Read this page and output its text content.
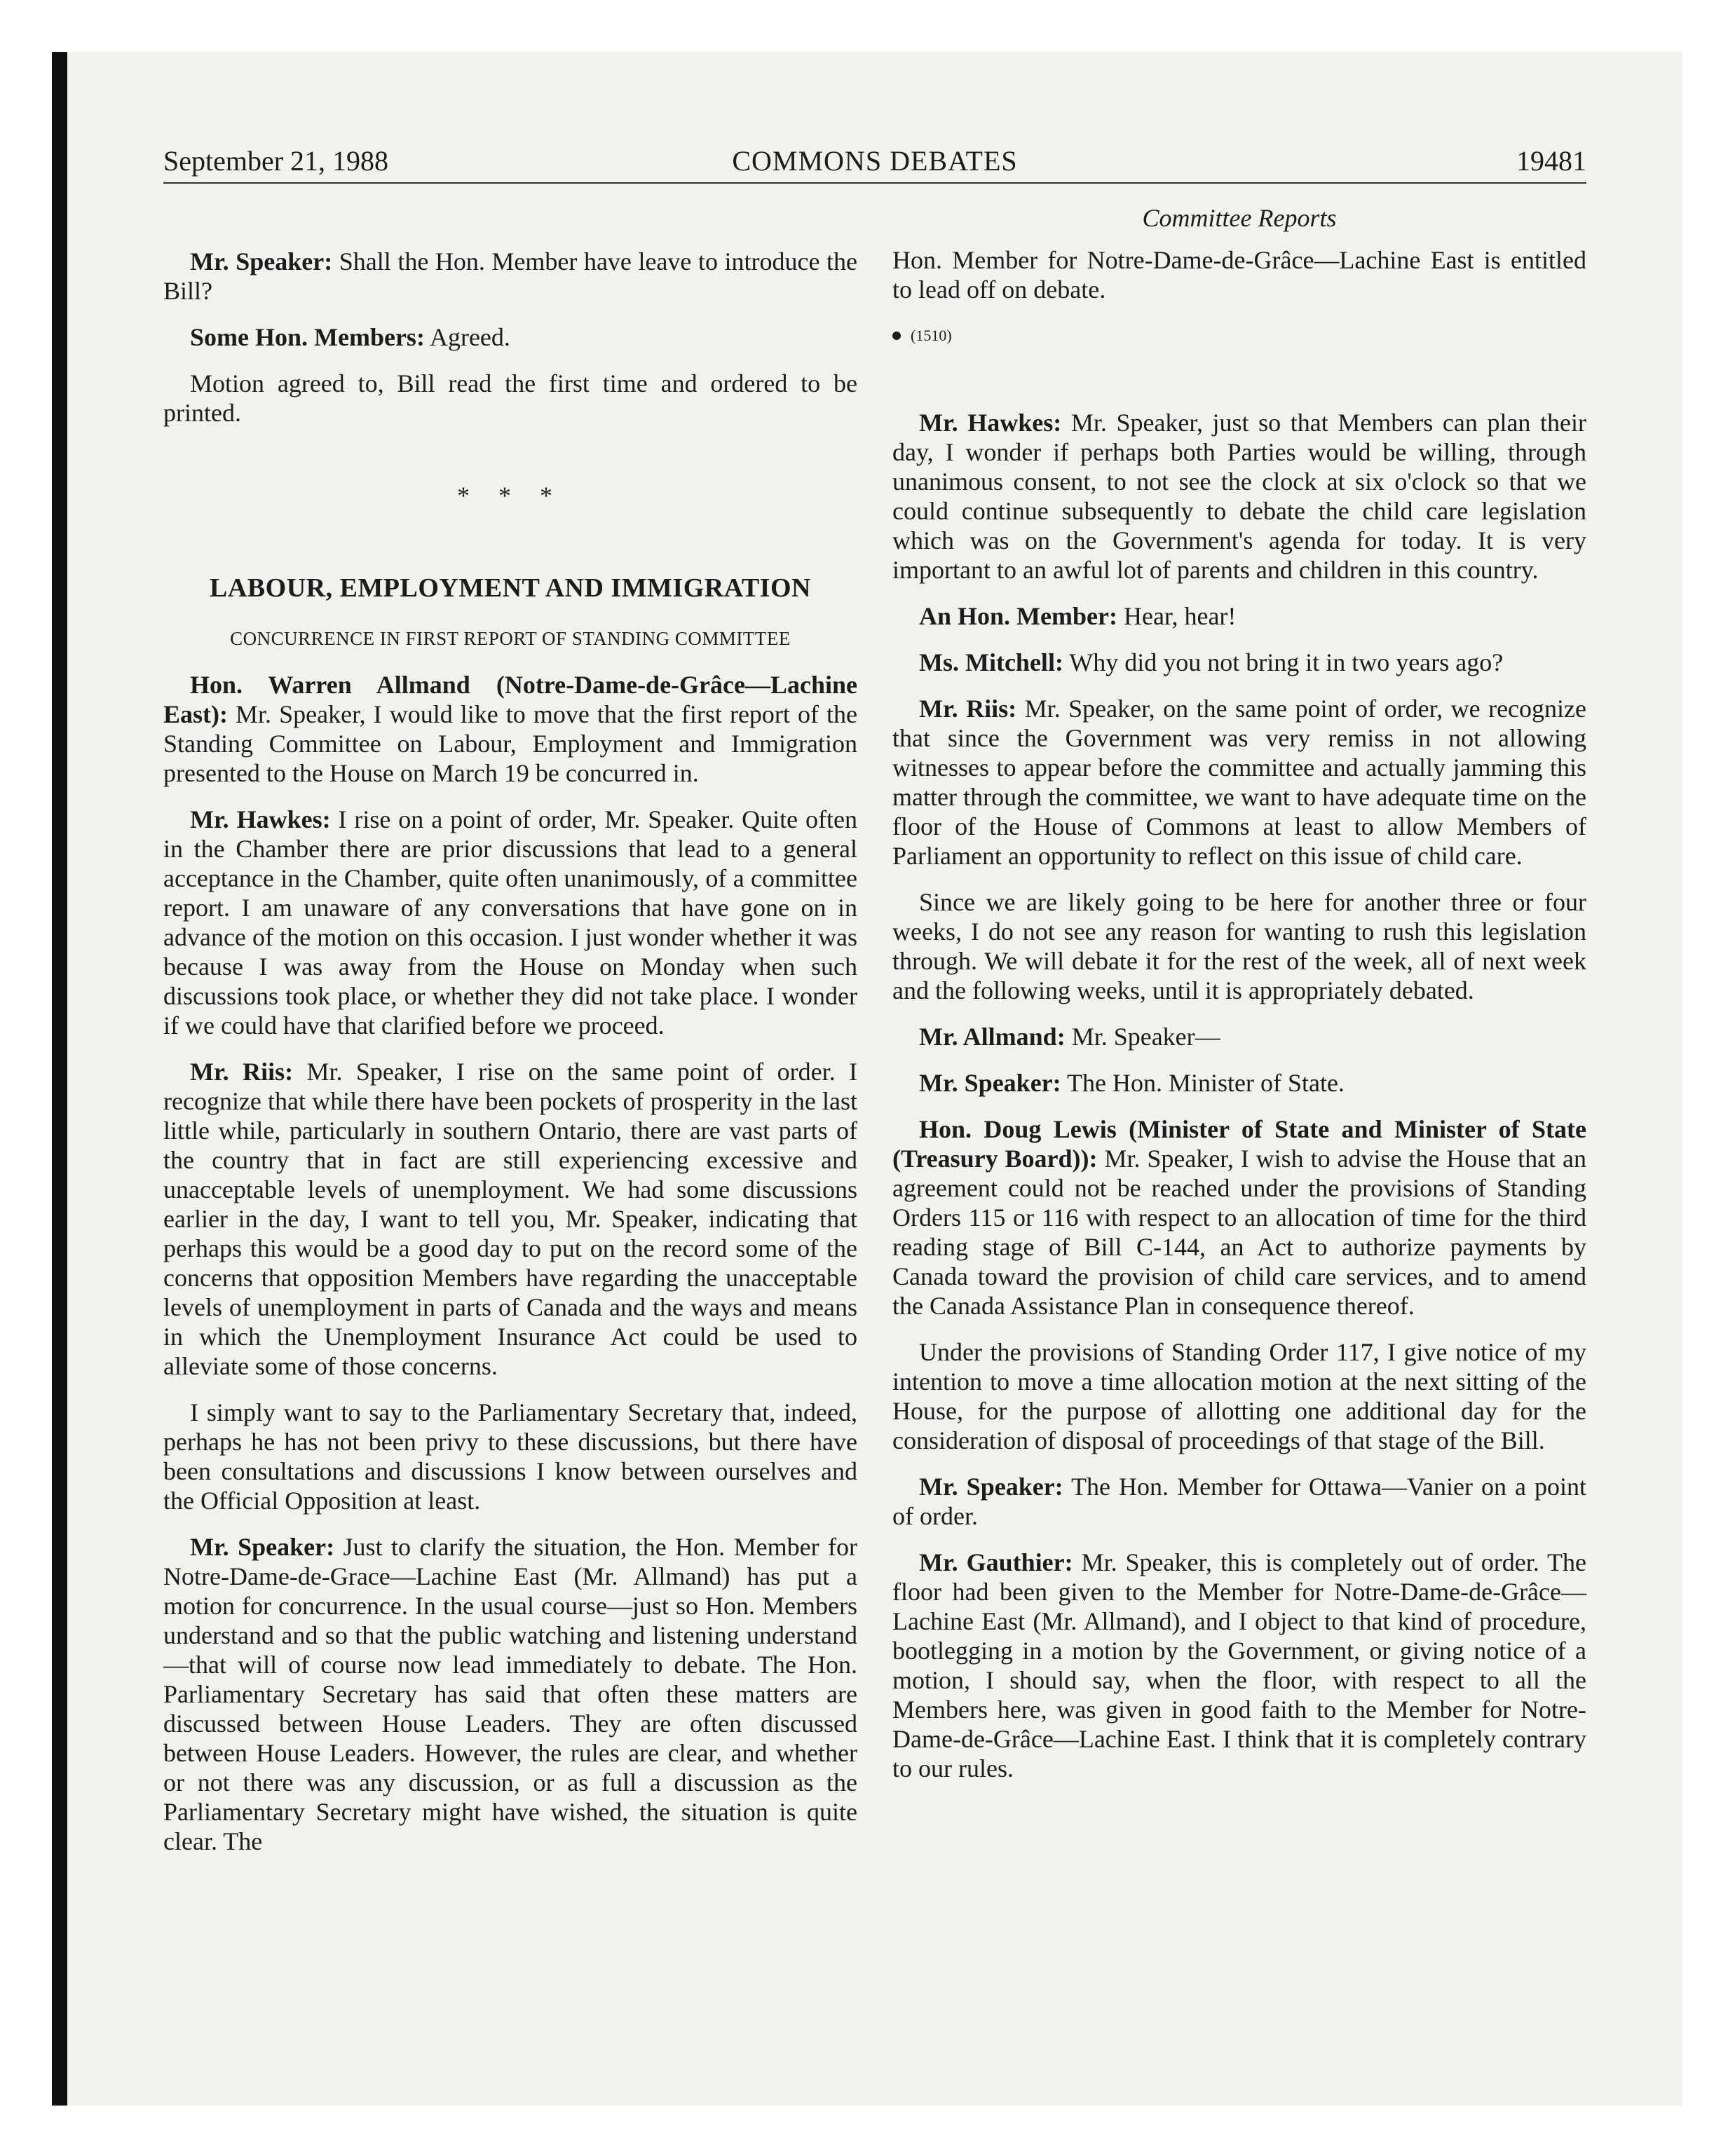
September 21, 1988	COMMONS DEBATES	19481

Mr. Speaker: Shall the Hon. Member have leave to introduce the Bill?

Some Hon. Members: Agreed.

Motion agreed to, Bill read the first time and ordered to be printed.

* * *

LABOUR, EMPLOYMENT AND IMMIGRATION
CONCURRENCE IN FIRST REPORT OF STANDING COMMITTEE

Hon. Warren Allmand (Notre-Dame-de-Grâce—Lachine East): Mr. Speaker, I would like to move that the first report of the Standing Committee on Labour, Employment and Immigration presented to the House on March 19 be concurred in.

Mr. Hawkes: I rise on a point of order, Mr. Speaker. Quite often in the Chamber there are prior discussions that lead to a general acceptance in the Chamber, quite often unanimously, of a committee report. I am unaware of any conversations that have gone on in advance of the motion on this occasion. I just wonder whether it was because I was away from the House on Monday when such discussions took place, or whether they did not take place. I wonder if we could have that clarified before we proceed.

Mr. Riis: Mr. Speaker, I rise on the same point of order. I recognize that while there have been pockets of prosperity in the last little while, particularly in southern Ontario, there are vast parts of the country that in fact are still experiencing excessive and unacceptable levels of unemployment. We had some discussions earlier in the day, I want to tell you, Mr. Speaker, indicating that perhaps this would be a good day to put on the record some of the concerns that opposition Members have regarding the unacceptable levels of unemployment in parts of Canada and the ways and means in which the Unemployment Insurance Act could be used to alleviate some of those concerns.

I simply want to say to the Parliamentary Secretary that, indeed, perhaps he has not been privy to these discussions, but there have been consultations and discussions I know between ourselves and the Official Opposition at least.

Mr. Speaker: Just to clarify the situation, the Hon. Member for Notre-Dame-de-Grace—Lachine East (Mr. Allmand) has put a motion for concurrence. In the usual course—just so Hon. Members understand and so that the public watching and listening understand—that will of course now lead immediately to debate. The Hon. Parliamentary Secretary has said that often these matters are discussed between House Leaders. They are often discussed between House Leaders. However, the rules are clear, and whether or not there was any discussion, or as full a discussion as the Parliamentary Secretary might have wished, the situation is quite clear. The

Committee Reports

Hon. Member for Notre-Dame-de-Grâce—Lachine East is entitled to lead off on debate.

(1510)

Mr. Hawkes: Mr. Speaker, just so that Members can plan their day, I wonder if perhaps both Parties would be willing, through unanimous consent, to not see the clock at six o'clock so that we could continue subsequently to debate the child care legislation which was on the Government's agenda for today. It is very important to an awful lot of parents and children in this country.

An Hon. Member: Hear, hear!

Ms. Mitchell: Why did you not bring it in two years ago?

Mr. Riis: Mr. Speaker, on the same point of order, we recognize that since the Government was very remiss in not allowing witnesses to appear before the committee and actually jamming this matter through the committee, we want to have adequate time on the floor of the House of Commons at least to allow Members of Parliament an opportunity to reflect on this issue of child care.

Since we are likely going to be here for another three or four weeks, I do not see any reason for wanting to rush this legislation through. We will debate it for the rest of the week, all of next week and the following weeks, until it is appropriately debated.

Mr. Allmand: Mr. Speaker—

Mr. Speaker: The Hon. Minister of State.

Hon. Doug Lewis (Minister of State and Minister of State (Treasury Board)): Mr. Speaker, I wish to advise the House that an agreement could not be reached under the provisions of Standing Orders 115 or 116 with respect to an allocation of time for the third reading stage of Bill C-144, an Act to authorize payments by Canada toward the provision of child care services, and to amend the Canada Assistance Plan in consequence thereof.

Under the provisions of Standing Order 117, I give notice of my intention to move a time allocation motion at the next sitting of the House, for the purpose of allotting one additional day for the consideration of disposal of proceedings of that stage of the Bill.

Mr. Speaker: The Hon. Member for Ottawa—Vanier on a point of order.

Mr. Gauthier: Mr. Speaker, this is completely out of order. The floor had been given to the Member for Notre-Dame-de-Grâce—Lachine East (Mr. Allmand), and I object to that kind of procedure, bootlegging in a motion by the Government, or giving notice of a motion, I should say, when the floor, with respect to all the Members here, was given in good faith to the Member for Notre-Dame-de-Grâce—Lachine East. I think that it is completely contrary to our rules.
